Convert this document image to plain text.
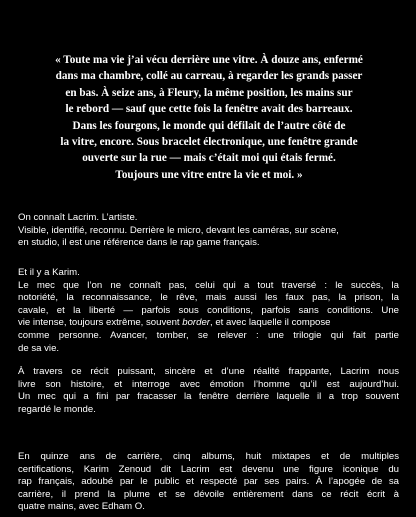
« Toute ma vie j’ai vécu derrière une vitre. À douze ans, enfermé
dans ma chambre, collé au carreau, à regarder les grands passer
en bas. À seize ans, à Fleury, la même position, les mains sur
le rebord — sauf que cette fois la fenêtre avait des barreaux.
Dans les fourgons, le monde qui défilait de l’autre côté de
la vitre, encore. Sous bracelet électronique, une fenêtre grande
ouverte sur la rue — mais c’était moi qui étais fermé.
Toujours une vitre entre la vie et moi. »

On connaît Lacrim. L’artiste.
Visible, identifié, reconnu. Derrière le micro, devant les caméras, sur scène,
en studio, il est une référence dans le rap game français.

Et il y a Karim.
Le mec que l’on ne connaît pas, celui qui a tout traversé : le succès, la
notoriété, la reconnaissance, le rêve, mais aussi les faux pas, la prison, la
cavale, et la liberté — parfois sous conditions, parfois sans conditions. Une
vie intense, toujours extrême, souvent border, et avec laquelle il compose
comme personne. Avancer, tomber, se relever : une trilogie qui fait partie
de sa vie.

À travers ce récit puissant, sincère et d’une réalité frappante, Lacrim nous
livre son histoire, et interroge avec émotion l’homme qu’il est aujourd’hui.
Un mec qui a fini par fracasser la fenêtre derrière laquelle il a trop souvent
regardé le monde.

En quinze ans de carrière, cinq albums, huit mixtapes et de multiples
certifications, Karim Zenoud dit Lacrim est devenu une figure iconique du
rap français, adoubé par le public et respecté par ses pairs. À l’apogée de sa
carrière, il prend la plume et se dévoile entièrement dans ce récit écrit à
quatre mains, avec Edham O.
